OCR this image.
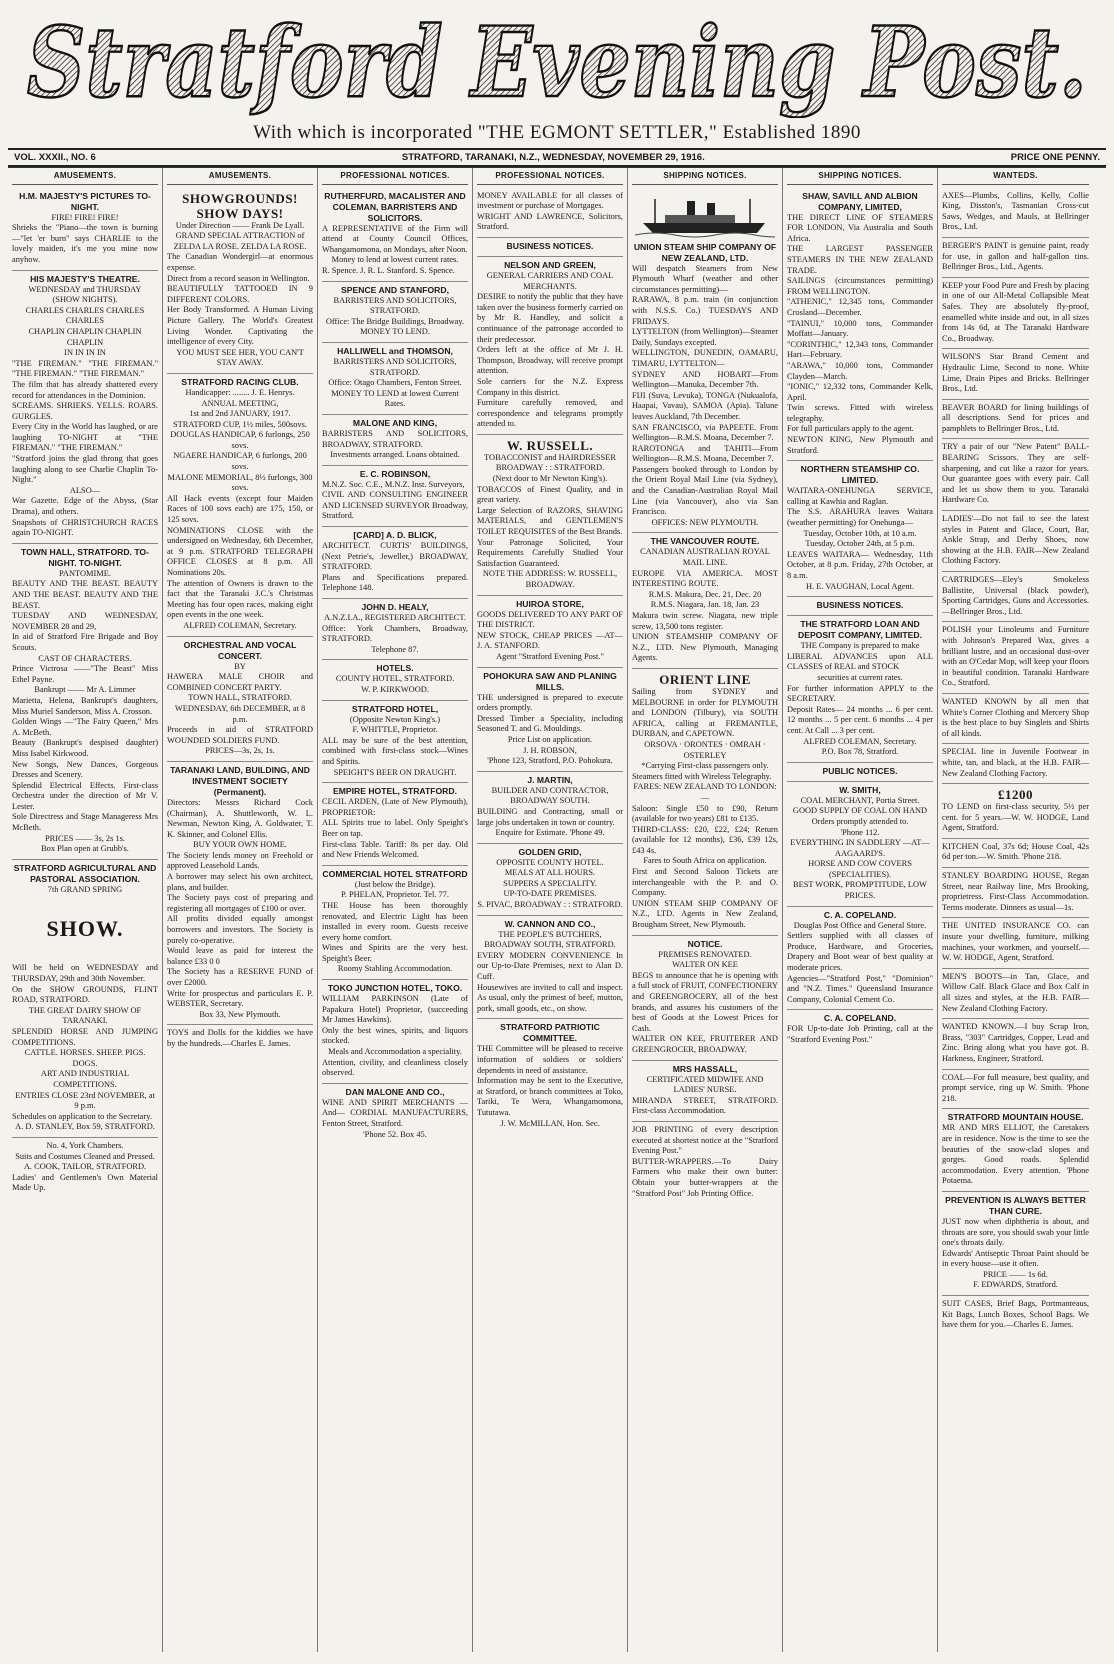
Stratford Evening Post.
With which is incorporated "THE EGMONT SETTLER," Established 1890
VOL. XXXII., NO. 6	STRATFORD, TARANAKI, N.Z., WEDNESDAY, NOVEMBER 29, 1916.	PRICE ONE PENNY.
AMUSEMENTS.
H.M. MAJESTY'S PICTURES TO-NIGHT.

FIRE! FIRE! FIRE!

Shrieks the "Piano—the town is burning—"let 'er burn" says CHARLIE to the lovely maiden, it's me you mine now anyhow.

HIS MAJESTY'S THEATRE.

WEDNESDAY and THURSDAY

(SHOW NIGHTS).

CHARLES CHARLES CHARLES CHARLES

CHAPLIN CHAPLIN CHAPLIN CHAPLIN

IN IN IN IN

"THE FIREMAN." "THE FIREMAN." "THE FIREMAN." "THE FIREMAN."

The film that has already shattered every record for attendances in the Dominion.

SCREAMS. SHRIEKS. YELLS. ROARS. GURGLES.

Every City in the World has laughed, or are laughing TO-NIGHT at "THE FIREMAN." "THE FIREMAN."

"Stratford joins the glad throng that goes laughing along to see Charlie Chaplin To-Night."

ALSO—

War Gazette. Edge of the Abyss, (Star Drama), and others.

Snapshots of CHRISTCHURCH RACES again TO-NIGHT.

TOWN HALL, STRATFORD. TO-NIGHT. TO-NIGHT.

PANTOMIME.

BEAUTY AND THE BEAST. BEAUTY AND THE BEAST. BEAUTY AND THE BEAST.

TUESDAY AND WEDNESDAY, NOVEMBER 28 and 29,

In aid of Stratford Fire Brigade and Boy Scouts.

CAST OF CHARACTERS.

Prince Victrosa ——"The Beast" Miss Ethel Payne.

Bankrupt —— Mr A. Limmer

Marietta, Helena, Bankrupt's daughters, Miss Muriel Sanderson, Miss A. Crosson.

Golden Wings —"The Fairy Queen," Mrs A. McBeth.

Beauty (Bankrupt's despised daughter) Miss Isabel Kirkwood.

New Songs, New Dances, Gorgeous Dresses and Scenery.

Splendid Electrical Effects. First-class Orchestra under the direction of Mr V. Lester.

Sole Directress and Stage Manageress Mrs McBeth.

PRICES —— 3s, 2s 1s.

Box Plan open at Grubb's.

STRATFORD AGRICULTURAL AND PASTORAL ASSOCIATION.

7th GRAND SPRING

SHOW.

Will be held on WEDNESDAY and THURSDAY, 29th and 30th November.

On the SHOW GROUNDS, FLINT ROAD, STRATFORD.

THE GREAT DAIRY SHOW OF TARANAKI.

SPLENDID HORSE AND JUMPING COMPETITIONS.

CATTLE. HORSES. SHEEP. PIGS. DOGS.

ART AND INDUSTRIAL COMPETITIONS.

ENTRIES CLOSE 23rd NOVEMBER, at 9 p.m.

Schedules on application to the Secretary.

A. D. STANLEY, Box 59, STRATFORD.

No. 4, York Chambers.

Suits and Costumes Cleaned and Pressed.

A. COOK, TAILOR, STRATFORD.

Ladies' and Gentlemen's Own Material Made Up.

AMUSEMENTS.
SHOWGROUNDS! SHOW DAYS!

Under Direction —— Frank De Lyall.

GRAND SPECIAL ATTRACTION of

ZELDA LA ROSE. ZELDA LA ROSE.

The Canadian Wondergirl—at enormous expense.

Direct from a record season in Wellington.

BEAUTIFULLY TATTOOED IN 9 DIFFERENT COLORS.

Her Body Transformed. A Human Living Picture Gallery. The World's Greatest Living Wonder. Captivating the intelligence of every City.

YOU MUST SEE HER, YOU CAN'T STAY AWAY.

STRATFORD RACING CLUB.

Handicapper: ........ J. E. Henrys.

ANNUAL MEETING,

1st and 2nd JANUARY, 1917.

STRATFORD CUP, 1½ miles, 500sovs.

DOUGLAS HANDICAP, 6 furlongs, 250 sovs.

NGAERE HANDICAP, 6 furlongs, 200 sovs.

MALONE MEMORIAL, 8½ furlongs, 300 sovs.

All Hack events (except four Maiden Races of 100 sovs each) are 175, 150, or 125 sovs.

NOMINATIONS CLOSE with the undersigned on Wednesday, 6th December, at 9 p.m. STRATFORD TELEGRAPH OFFICE CLOSES at 8 p.m. All Nominations 20s.

The attention of Owners is drawn to the fact that the Taranaki J.C.'s Christmas Meeting has four open races, making eight open events in the one week.

ALFRED COLEMAN, Secretary.

ORCHESTRAL AND VOCAL CONCERT.

BY

HAWERA MALE CHOIR and COMBINED CONCERT PARTY.

TOWN HALL, STRATFORD.

WEDNESDAY, 6th DECEMBER, at 8 p.m.

Proceeds in aid of STRATFORD WOUNDED SOLDIERS FUND.

PRICES—3s, 2s, 1s.

TARANAKI LAND, BUILDING, AND INVESTMENT SOCIETY (Permanent).

Directors: Messrs Richard Cock (Chairman), A. Shuttleworth, W. L. Newman, Newton King, A. Goldwater, T. K. Skinner, and Colonel Ellis.

BUY YOUR OWN HOME.

The Society lends money on Freehold or approved Leasehold Lands.

A borrower may select his own architect, plans, and builder.

The Society pays cost of preparing and registering all mortgages of £100 or over.

All profits divided equally amongst borrowers and investors. The Society is purely co-operative.

Would leave as paid for interest the balance £33 0 0

The Society has a RESERVE FUND of over £2000.

Write for prospectus and particulars E. P. WEBSTER, Secretary.

Box 33, New Plymouth.

TOYS and Dolls for the kiddies we have by the hundreds.—Charles E. James.

PROFESSIONAL NOTICES.
RUTHERFURD, MACALISTER AND COLEMAN, BARRISTERS AND SOLICITORS.

A REPRESENTATIVE of the Firm will attend at County Council Offices, Whangamomona, on Mondays, after Noon.

Money to lend at lowest current rates.

R. Spence. J. R. L. Stanford. S. Spence.

SPENCE AND STANFORD,

BARRISTERS AND SOLICITORS, STRATFORD.

Office: The Bridge Buildings, Broadway.

MONEY TO LEND.

HALLIWELL and THOMSON,

BARRISTERS AND SOLICITORS, STRATFORD.

Office: Otago Chambers, Fenton Street.

MONEY TO LEND at lowest Current Rates.

MALONE AND KING,

BARRISTERS AND SOLICITORS, BROADWAY, STRATFORD.

Investments arranged. Loans obtained.

E. C. ROBINSON,

M.N.Z. Soc. C.E., M.N.Z. Inst. Surveyors,

CIVIL AND CONSULTING ENGINEER AND LICENSED SURVEYOR Broadway, Stratford.

[CARD] A. D. BLICK,

ARCHITECT. CURTIS' BUILDINGS, (Next Petrie's, Jeweller,) BROADWAY, STRATFORD.

Plans and Specifications prepared. Telephone 148.

JOHN D. HEALY,

A.N.Z.I.A., REGISTERED ARCHITECT.

Office: York Chambers, Broadway, STRATFORD.

Telephone 87.

HOTELS.

COUNTY HOTEL, STRATFORD.

W. P. KIRKWOOD.

STRATFORD HOTEL,

(Opposite Newton King's.)

F. WHITTLE, Proprietor.

ALL may be sure of the best attention, combined with first-class stock—Wines and Spirits.

SPEIGHT'S BEER ON DRAUGHT.

EMPIRE HOTEL, STRATFORD.

CECIL ARDEN, (Late of New Plymouth), PROPRIETOR:

ALL Spirits true to label. Only Speight's Beer on tap.

First-class Table. Tariff: 8s per day. Old and New Friends Welcomed.

COMMERCIAL HOTEL STRATFORD

(Just below the Bridge).

P. PHELAN, Proprietor. Tel. 77.

THE House has been thoroughly renovated, and Electric Light has been installed in every room. Guests receive every home comfort.

Wines and Spirits are the very best. Speight's Beer.

Roomy Stabling Accommodation.

TOKO JUNCTION HOTEL, TOKO.

WILLIAM PARKINSON (Late of Papakura Hotel) Proprietor, (succeeding Mr James Hawkins).

Only the best wines, spirits, and liquors stocked.

Meals and Accommodation a speciality.

Attention, civility, and cleanliness closely observed.

DAN MALONE AND CO.,

WINE AND SPIRIT MERCHANTS —And— CORDIAL MANUFACTURERS, Fenton Street, Stratford.

'Phone 52. Box 45.

PROFESSIONAL NOTICES.

MONEY AVAILABLE for all classes of investment or purchase of Mortgages.

WRIGHT AND LAWRENCE, Solicitors, Stratford.

BUSINESS NOTICES.
NELSON AND GREEN,

GENERAL CARRIERS AND COAL MERCHANTS.

DESIRE to notify the public that they have taken over the business formerly carried on by Mr R. Handley, and solicit a continuance of the patronage accorded to their predecessor.

Orders left at the office of Mr J. H. Thompson, Broadway, will receive prompt attention.

Sole carriers for the N.Z. Express Company in this district.

Furniture carefully removed, and correspondence and telegrams promptly attended to.

W. RUSSELL.

TOBACCONIST and HAIRDRESSER

BROADWAY : : STRATFORD.

(Next door to Mr Newton King's).

TOBACCOS of Finest Quality, and in great variety.

Large Selection of RAZORS, SHAVING MATERIALS, and GENTLEMEN'S TOILET REQUISITES of the Best Brands.

Your Patronage Solicited, Your Requirements Carefully Studied Your Satisfaction Guaranteed.

NOTE THE ADDRESS: W. RUSSELL, BROADWAY.

HUIROA STORE,

GOODS DELIVERED TO ANY PART OF THE DISTRICT.

NEW STOCK, CHEAP PRICES —AT— J. A. STANFORD.

Agent "Stratford Evening Post."

POHOKURA SAW AND PLANING MILLS.

THE undersigned is prepared to execute orders promptly.

Dressed Timber a Speciality, including Seasoned T. and G. Mouldings.

Price List on application.

J. H. ROBSON,

'Phone 123, Stratford, P.O. Pohokura.

J. MARTIN,

BUILDER AND CONTRACTOR, BROADWAY SOUTH.

BUILDING and Contracting, small or large jobs undertaken in town or country.

Enquire for Estimate. 'Phone 49.

GOLDEN GRID,

OPPOSITE COUNTY HOTEL.

MEALS AT ALL HOURS.

SUPPERS A SPECIALITY.

UP-TO-DATE PREMISES.

S. PIVAC, BROADWAY : : STRATFORD.

W. CANNON AND CO.,

THE PEOPLE'S BUTCHERS,

BROADWAY SOUTH, STRATFORD.

EVERY MODERN CONVENIENCE In our Up-to-Date Premises, next to Alan D. Cuff.

Housewives are invited to call and inspect. As usual, only the primest of beef, mutton, pork, small goods, etc., on show.

STRATFORD PATRIOTIC COMMITTEE.

THE Committee will be pleased to receive information of soldiers or soldiers' dependents in need of assistance.

Information may be sent to the Executive, at Stratford, or branch committees at Toko, Tariki, Te Wera, Whangamomona, Tututawa.

J. W. McMILLAN, Hon. Sec.

SHIPPING NOTICES.
UNION STEAM SHIP COMPANY OF NEW ZEALAND, LTD.

Will despatch Steamers from New Plymouth Wharf (weather and other circumstances permitting)—

RARAWA, 8 p.m. train (in conjunction with N.S.S. Co.) TUESDAYS AND FRIDAYS.

LYTTELTON (from Wellington)—Steamer Daily, Sundays excepted.

WELLINGTON, DUNEDIN, OAMARU, TIMARU, LYTTELTON—

SYDNEY AND HOBART—From Wellington—Manuka, December 7th.

FIJI (Suva, Levuka), TONGA (Nukualofa, Haapai, Vavau), SAMOA (Apia). Talune leaves Auckland, 7th December.

SAN FRANCISCO, via PAPEETE. From Wellington—R.M.S. Moana, December 7.

RAROTONGA and TAHITI—From Wellington—R.M.S. Moana, December 7.

Passengers booked through to London by the Orient Royal Mail Line (via Sydney), and the Canadian-Australian Royal Mail Line (via Vancouver), also via San Francisco.

OFFICES: NEW PLYMOUTH.

THE VANCOUVER ROUTE.

CANADIAN AUSTRALIAN ROYAL MAIL LINE.

EUROPE VIA AMERICA. MOST INTERESTING ROUTE.

R.M.S. Makura, Dec. 21, Dec. 20

R.M.S. Niagara, Jan. 18, Jan. 23

Makura twin screw. Niagara, new triple screw, 13,500 tons register.

UNION STEAMSHIP COMPANY OF N.Z., LTD. New Plymouth, Managing Agents.

ORIENT LINE

Sailing from SYDNEY and MELBOURNE in order for PLYMOUTH and LONDON (Tilbury), via SOUTH AFRICA, calling at FREMANTLE, DURBAN, and CAPETOWN.

ORSOVA · ORONTES · OMRAH · OSTERLEY

*Carrying First-class passengers only.

Steamers fitted with Wireless Telegraphy.

FARES: NEW ZEALAND TO LONDON:—

Saloon: Single £50 to £90, Return (available for two years) £81 to £135.

THIRD-CLASS: £20, £22, £24; Return (available for 12 months), £36, £39 12s, £43 4s.

Fares to South Africa on application.

First and Second Saloon Tickets are interchangeable with the P. and O. Company.

UNION STEAM SHIP COMPANY OF N.Z., LTD. Agents in New Zealand, Brougham Street, New Plymouth.

NOTICE.

PREMISES RENOVATED.

WALTER ON KEE

BEGS to announce that he is opening with a full stock of FRUIT, CONFECTIONERY and GREENGROCERY, all of the best brands, and assures his customers of the best of Goods at the Lowest Prices for Cash.

WALTER ON KEE, FRUITERER AND GREENGROCER, BROADWAY.

MRS HASSALL,

CERTIFICATED MIDWIFE AND LADIES' NURSE.

MIRANDA STREET, STRATFORD. First-class Accommodation.

JOB PRINTING of every description executed at shortest notice at the "Stratford Evening Post."

BUTTER-WRAPPERS.—To Dairy Farmers who make their own butter: Obtain your butter-wrappers at the "Stratford Post" Job Printing Office.

SHIPPING NOTICES.
SHAW, SAVILL AND ALBION COMPANY, LIMITED,

THE DIRECT LINE OF STEAMERS FOR LONDON, Via Australia and South Africa.

THE LARGEST PASSENGER STEAMERS IN THE NEW ZEALAND TRADE.

SAILINGS (circumstances permitting) FROM WELLINGTON.

"ATHENIC," 12,345 tons, Commander Crosland—December.

"TAINUI," 10,000 tons, Commander Moffatt—January.

"CORINTHIC," 12,343 tons, Commander Hart—February.

"ARAWA," 10,000 tons, Commander Clayden—March.

"IONIC," 12,332 tons, Commander Kelk, April.

Twin screws. Fitted with wireless telegraphy.

For full particulars apply to the agent.

NEWTON KING, New Plymouth and Stratford.

NORTHERN STEAMSHIP CO. LIMITED.

WAITARA-ONEHUNGA SERVICE, calling at Kawhia and Raglan.

The S.S. ARAHURA leaves Waitara (weather permitting) for Onehunga—

Tuesday, October 10th, at 10 a.m.

Tuesday, October 24th, at 5 p.m.

LEAVES WAITARA— Wednesday, 11th October, at 8 p.m. Friday, 27th October, at 8 a.m.

H. E. VAUGHAN, Local Agent.

BUSINESS NOTICES.
THE STRATFORD LOAN AND DEPOSIT COMPANY, LIMITED.

THE Company is prepared to make

LIBERAL ADVANCES upon ALL CLASSES of REAL and STOCK

securities at current rates.

For further information APPLY to the SECRETARY.

Deposit Rates— 24 months ... 6 per cent. 12 months ... 5 per cent. 6 months ... 4 per cent. At Call ... 3 per cent.

ALFRED COLEMAN, Secretary.

P.O. Box 78, Stratford.

PUBLIC NOTICES.
W. SMITH,

COAL MERCHANT, Portia Street.

GOOD SUPPLY OF COAL ON HAND

Orders promptly attended to.

'Phone 112.

EVERYTHING IN SADDLERY —AT— AAGAARD'S.

HORSE AND COW COVERS (SPECIALITIES).

BEST WORK, PROMPTITUDE, LOW PRICES.

C. A. COPELAND.

Douglas Post Office and General Store.

Settlers supplied with all classes of Produce, Hardware, and Groceries, Drapery and Boot wear of best quality at moderate prices.

Agencies—"Stratford Post," "Dominion" and "N.Z. Times." Queensland Insurance Company, Colonial Cement Co.

C. A. COPELAND.

FOR Up-to-date Job Printing, call at the "Stratford Evening Post."

WANTEDS.

AXES—Plumbs, Collins, Kelly, Collie King, Disston's, Tasmanian Cross-cut Saws, Wedges, and Mauls, at Bellringer Bros., Ltd.

BERGER'S PAINT is genuine paint, ready for use, in gallon and half-gallon tins. Bellringer Bros., Ltd., Agents.

KEEP your Food Pure and Fresh by placing in one of our All-Metal Collapsible Meat Safes. They are absolutely fly-proof, enamelled white inside and out, in all sizes from 14s 6d, at The Taranaki Hardware Co., Broadway.

WILSON'S Star Brand Cement and Hydraulic Lime, Second to none. White Lime, Drain Pipes and Bricks. Bellringer Bros., Ltd.

BEAVER BOARD for lining buildings of all descriptions. Send for prices and pamphlets to Bellringer Bros., Ltd.

TRY a pair of our "New Patent" BALL-BEARING Scissors. They are self-sharpening, and cut like a razor for years. Our guarantee goes with every pair. Call and let us show them to you. Taranaki Hardware Co.

LADIES'—Do not fail to see the latest styles in Patent and Glace, Court, Bar, Ankle Strap, and Derby Shoes, now showing at the H.B. FAIR—New Zealand Clothing Factory.

CARTRIDGES—Eley's Smokeless Ballistite, Universal (black powder), Sporting Cartridges, Guns and Accessories.—Bellringer Bros., Ltd.

POLISH your Linoleums and Furniture with Johnson's Prepared Wax, gives a brilliant lustre, and an occasional dust-over with an O'Cedar Mop, will keep your floors in beautiful condition. Taranaki Hardware Co., Stratford.

WANTED KNOWN by all men that White's Corner Clothing and Mercery Shop is the best place to buy Singlets and Shirts of all kinds.

SPECIAL line in Juvenile Footwear in white, tan, and black, at the H.B. FAIR—New Zealand Clothing Factory.

£1200

TO LEND on first-class security, 5½ per cent. for 5 years.—W. W. HODGE, Land Agent, Stratford.

KITCHEN Coal, 37s 6d; House Coal, 42s 6d per ton.—W. Smith. 'Phone 218.

STANLEY BOARDING HOUSE, Regan Street, near Railway line, Mrs Brooking, proprietress. First-Class Accommodation. Terms moderate. Dinners as usual—1s.

THE UNITED INSURANCE CO. can insure your dwelling, furniture, milking machines, your workmen, and yourself.—W. W. HODGE, Agent, Stratford.

MEN'S BOOTS—in Tan, Glace, and Willow Calf. Black Glace and Box Calf in all sizes and styles, at the H.B. FAIR—New Zealand Clothing Factory.

WANTED KNOWN.—I buy Scrap Iron, Brass, "303" Cartridges, Copper, Lead and Zinc. Bring along what you have got. B. Harkness, Engineer, Stratford.

COAL—For full measure, best quality, and prompt service, ring up W. Smith. 'Phone 218.

STRATFORD MOUNTAIN HOUSE.

MR AND MRS ELLIOT, the Caretakers are in residence. Now is the time to see the beauties of the snow-clad slopes and gorges. Good roads. Splendid accommodation. Every attention. 'Phone Potaema.

PREVENTION IS ALWAYS BETTER THAN CURE.

JUST now when diphtheria is about, and throats are sore, you should swab your little one's throats daily.

Edwards' Antiseptic Throat Paint should be in every house—use it often.

PRICE —— 1s 6d.

F. EDWARDS, Stratford.

SUIT CASES, Brief Bags, Portmanteaus, Kit Bags, Lunch Boxes, School Bags. We have them for you.—Charles E. James.
